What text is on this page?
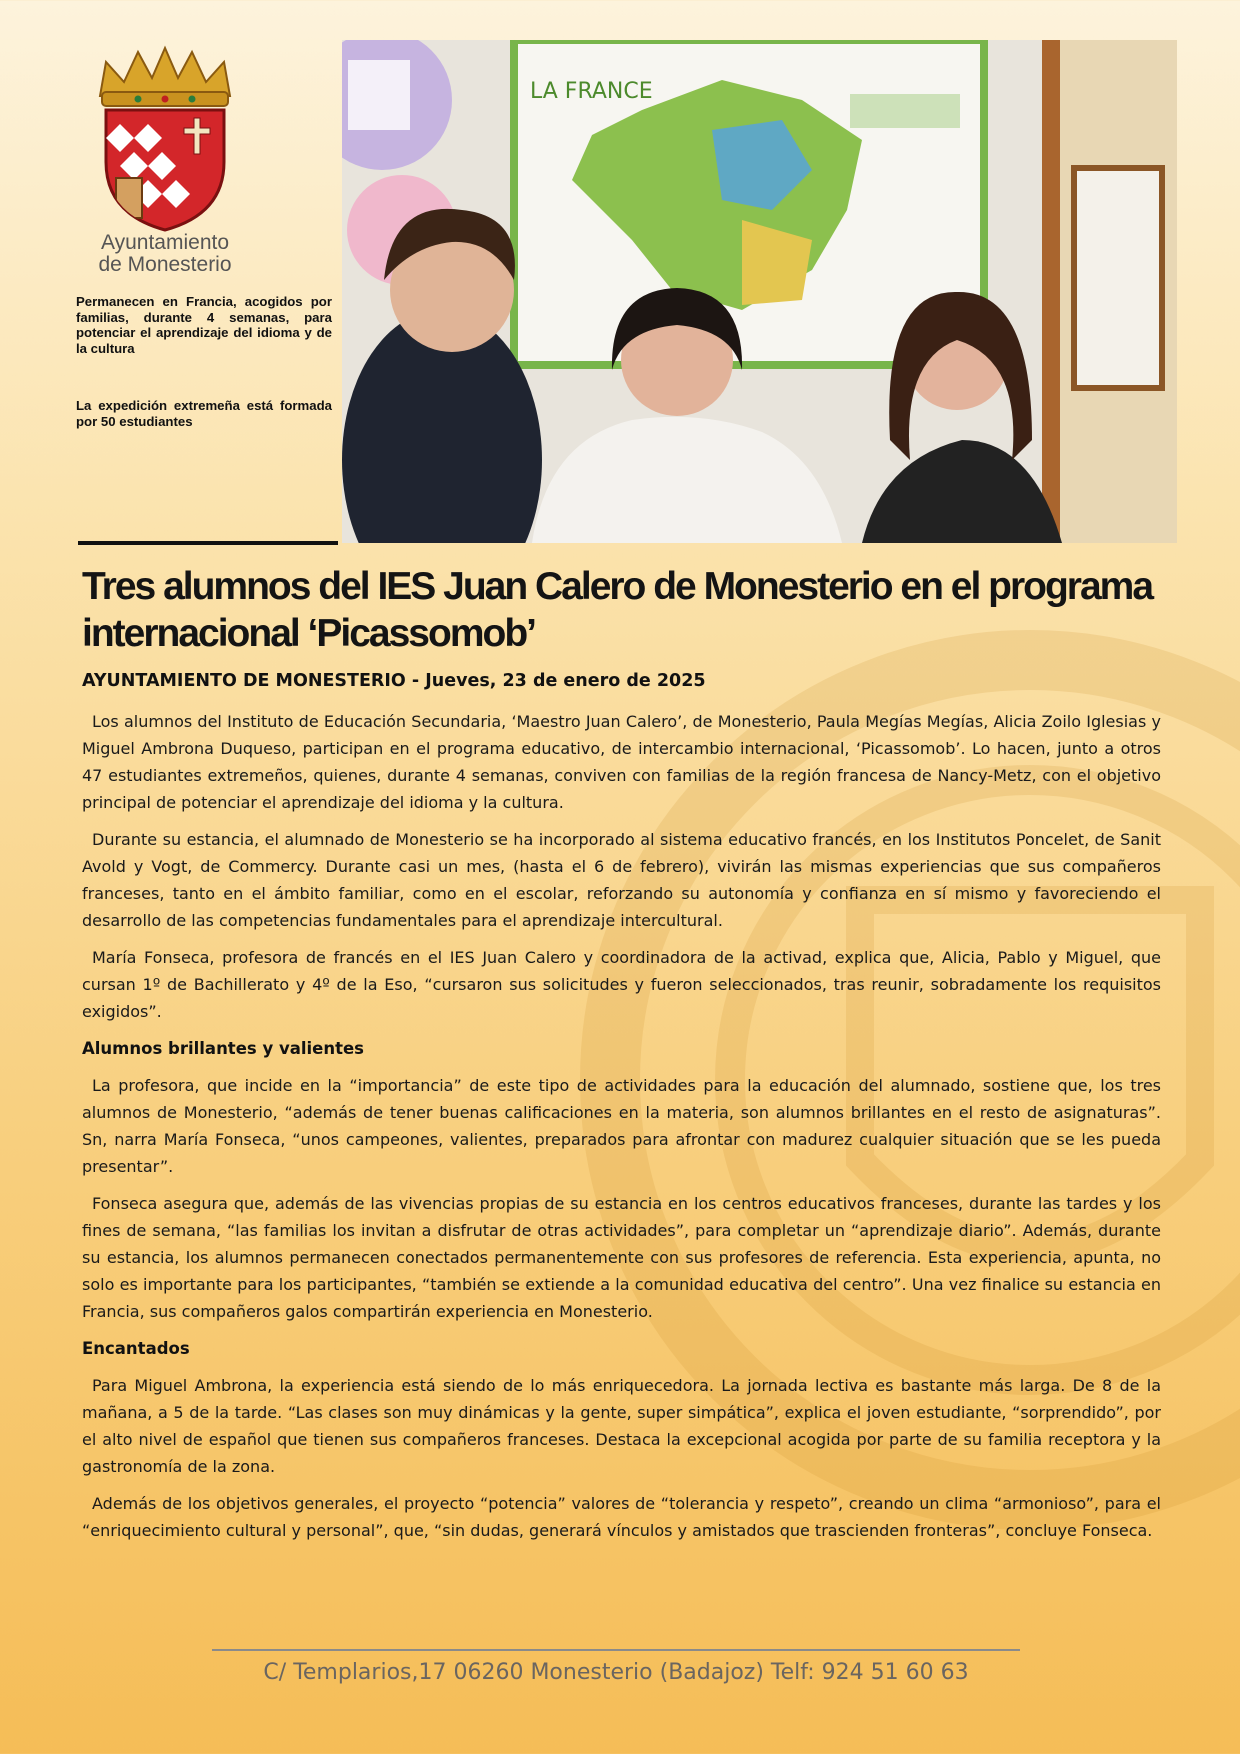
Ayuntamiento
de Monesterio

Permanecen en Francia, acogidos por familias, durante 4 semanas, para potenciar el aprendizaje del idioma y de la cultura

La expedición extremeña está formada por 50 estudiantes

LA FRANCE
Tres alumnos del IES Juan Calero de Monesterio en el programa internacional ‘Picassomob’

AYUNTAMIENTO DE MONESTERIO - Jueves, 23 de enero de 2025

Los alumnos del Instituto de Educación Secundaria, ‘Maestro Juan Calero’, de Monesterio, Paula Megías Megías, Alicia Zoilo Iglesias y Miguel Ambrona Duqueso, participan en el programa educativo, de intercambio internacional, ‘Picassomob’. Lo hacen, junto a otros 47 estudiantes extremeños, quienes, durante 4 semanas, conviven con familias de la región francesa de Nancy-Metz, con el objetivo principal de potenciar el aprendizaje del idioma y la cultura.

Durante su estancia, el alumnado de Monesterio se ha incorporado al sistema educativo francés, en los Institutos Poncelet, de Sanit Avold y Vogt, de Commercy. Durante casi un mes, (hasta el 6 de febrero), vivirán las mismas experiencias que sus compañeros franceses, tanto en el ámbito familiar, como en el escolar, reforzando su autonomía y confianza en sí mismo y favoreciendo el desarrollo de las competencias fundamentales para el aprendizaje intercultural.

María Fonseca, profesora de francés en el IES Juan Calero y coordinadora de la activad, explica que, Alicia, Pablo y Miguel, que cursan 1º de Bachillerato y 4º de la Eso, “cursaron sus solicitudes y fueron seleccionados, tras reunir, sobradamente los requisitos exigidos”.

Alumnos brillantes y valientes

La profesora, que incide en la “importancia” de este tipo de actividades para la educación del alumnado, sostiene que, los tres alumnos de Monesterio, “además de tener buenas calificaciones en la materia, son alumnos brillantes en el resto de asignaturas”. Sn, narra María Fonseca, “unos campeones, valientes, preparados para afrontar con madurez cualquier situación que se les pueda presentar”.

Fonseca asegura que, además de las vivencias propias de su estancia en los centros educativos franceses, durante las tardes y los fines de semana, “las familias los invitan a disfrutar de otras actividades”, para completar un “aprendizaje diario”. Además, durante su estancia, los alumnos permanecen conectados permanentemente con sus profesores de referencia. Esta experiencia, apunta, no solo es importante para los participantes, “también se extiende a la comunidad educativa del centro”. Una vez finalice su estancia en Francia, sus compañeros galos compartirán experiencia en Monesterio.

Encantados

Para Miguel Ambrona, la experiencia está siendo de lo más enriquecedora. La jornada lectiva es bastante más larga. De 8 de la mañana, a 5 de la tarde. “Las clases son muy dinámicas y la gente, super simpática”, explica el joven estudiante, “sorprendido”, por el alto nivel de español que tienen sus compañeros franceses. Destaca la excepcional acogida por parte de su familia receptora y la gastronomía de la zona.

Además de los objetivos generales, el proyecto “potencia” valores de “tolerancia y respeto”, creando un clima “armonioso”, para el “enriquecimiento cultural y personal”, que, “sin dudas, generará vínculos y amistados que trascienden fronteras”, concluye Fonseca.

C/ Templarios,17 06260 Monesterio (Badajoz) Telf: 924 51 60 63
